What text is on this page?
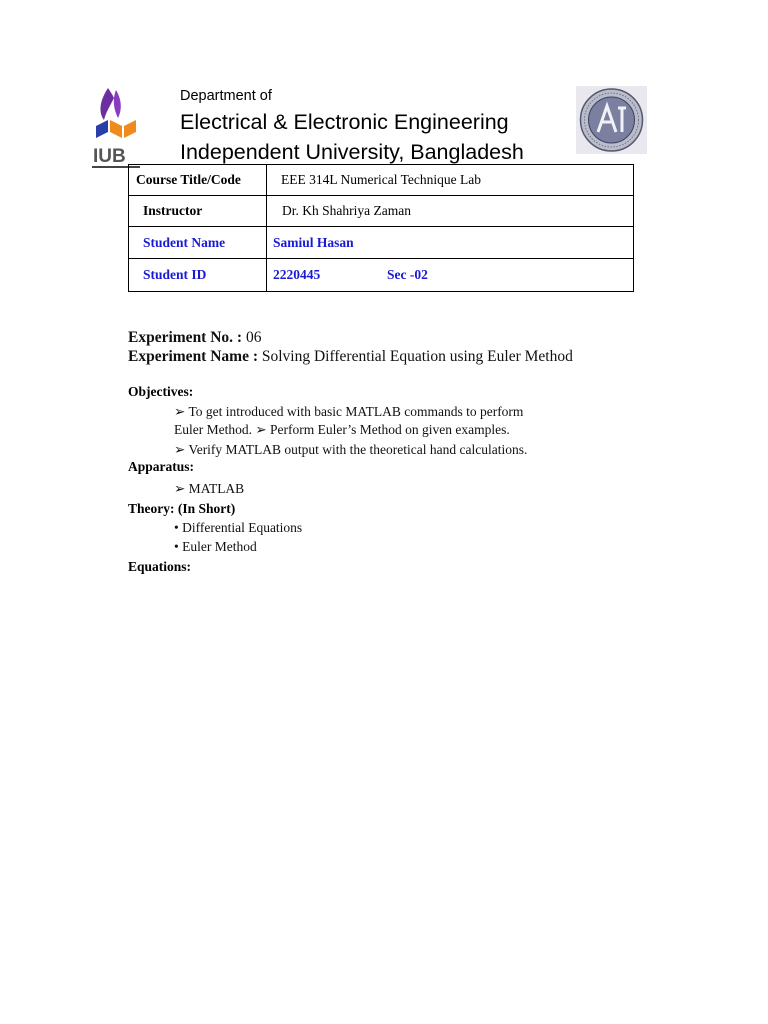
IUB
Department of
Electrical & Electronic Engineering
Independent University, Bangladesh
Course Title/Code	EEE 314L Numerical Technique Lab
Instructor	Dr. Kh Shahriya Zaman
Student Name	Samiul Hasan
Student ID	2220445 Sec -02
Experiment No. : 06
Experiment Name : Solving Differential Equation using Euler Method
Objectives:
➢ To get introduced with basic MATLAB commands to perform
Euler Method. ➢ Perform Euler’s Method on given examples.
➢ Verify MATLAB output with the theoretical hand calculations.
Apparatus:
➢ MATLAB
Theory: (In Short)
• Differential Equations
• Euler Method
Equations:
